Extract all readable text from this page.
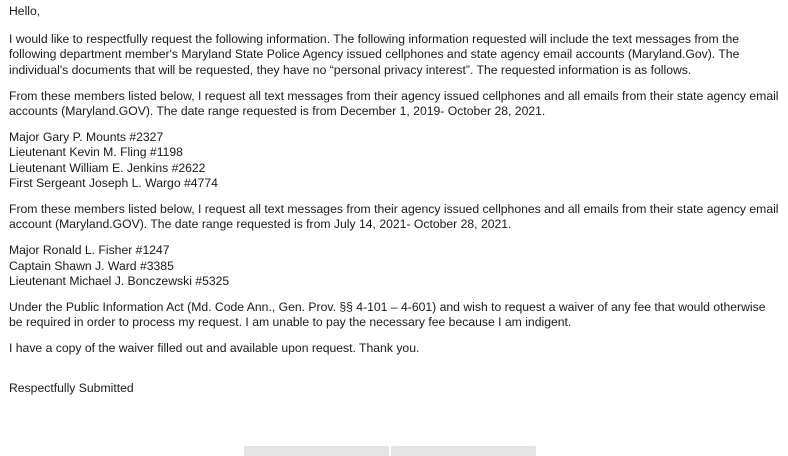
Hello,

I would like to respectfully request the following information. The following information requested will include the text messages from the following department member's Maryland State Police Agency issued cellphones and state agency email accounts (Maryland.Gov). The individual's documents that will be requested, they have no “personal privacy interest”. The requested information is as follows.

From these members listed below, I request all text messages from their agency issued cellphones and all emails from their state agency email accounts (Maryland.GOV). The date range requested is from December 1, 2019- October 28, 2021.

Major Gary P. Mounts #2327

Lieutenant Kevin M. Fling #1198

Lieutenant William E. Jenkins #2622

First Sergeant Joseph L. Wargo #4774

From these members listed below, I request all text messages from their agency issued cellphones and all emails from their state agency email account (Maryland.GOV). The date range requested is from July 14, 2021- October 28, 2021.

Major Ronald L. Fisher #1247

Captain Shawn J. Ward #3385

Lieutenant Michael J. Bonczewski #5325

Under the Public Information Act (Md. Code Ann., Gen. Prov. §§ 4-101 – 4-601) and wish to request a waiver of any fee that would otherwise be required in order to process my request. I am unable to pay the necessary fee because I am indigent.

I have a copy of the waiver filled out and available upon request. Thank you.

Respectfully Submitted
